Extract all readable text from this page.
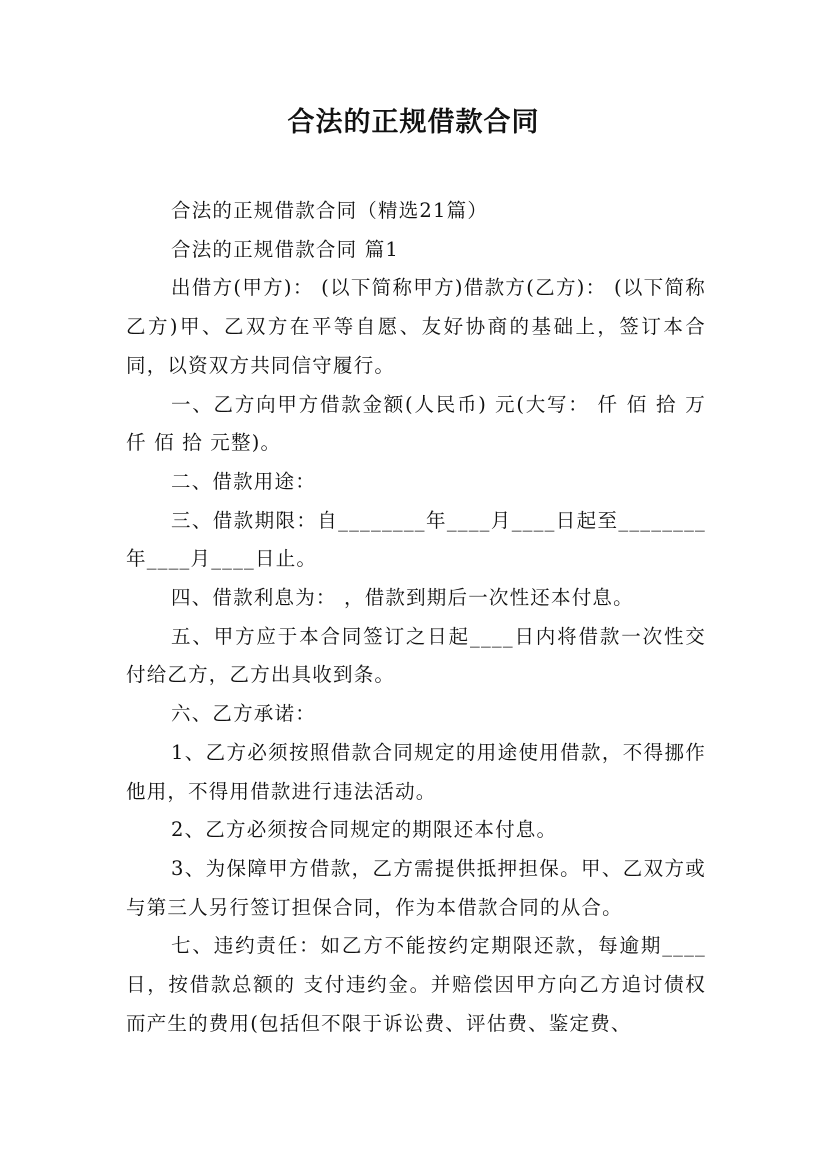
合法的正规借款合同

合法的正规借款合同（精选21篇）

合法的正规借款合同 篇1

出借方(甲方)： (以下简称甲方)借款方(乙方)： (以下简称乙方)甲、乙双方在平等自愿、友好协商的基础上，签订本合同，以资双方共同信守履行。

一、乙方向甲方借款金额(人民币) 元(大写： 仟 佰 拾 万 仟 佰 拾 元整)。

二、借款用途：

三、借款期限：自________年____月____日起至________年____月____日止。

四、借款利息为： ，借款到期后一次性还本付息。

五、甲方应于本合同签订之日起____日内将借款一次性交付给乙方，乙方出具收到条。

六、乙方承诺：

1、乙方必须按照借款合同规定的用途使用借款，不得挪作他用，不得用借款进行违法活动。

2、乙方必须按合同规定的期限还本付息。

3、为保障甲方借款，乙方需提供抵押担保。甲、乙双方或与第三人另行签订担保合同，作为本借款合同的从合。

七、违约责任：如乙方不能按约定期限还款，每逾期____日，按借款总额的 支付违约金。并赔偿因甲方向乙方追讨债权而产生的费用(包括但不限于诉讼费、评估费、鉴定费、
